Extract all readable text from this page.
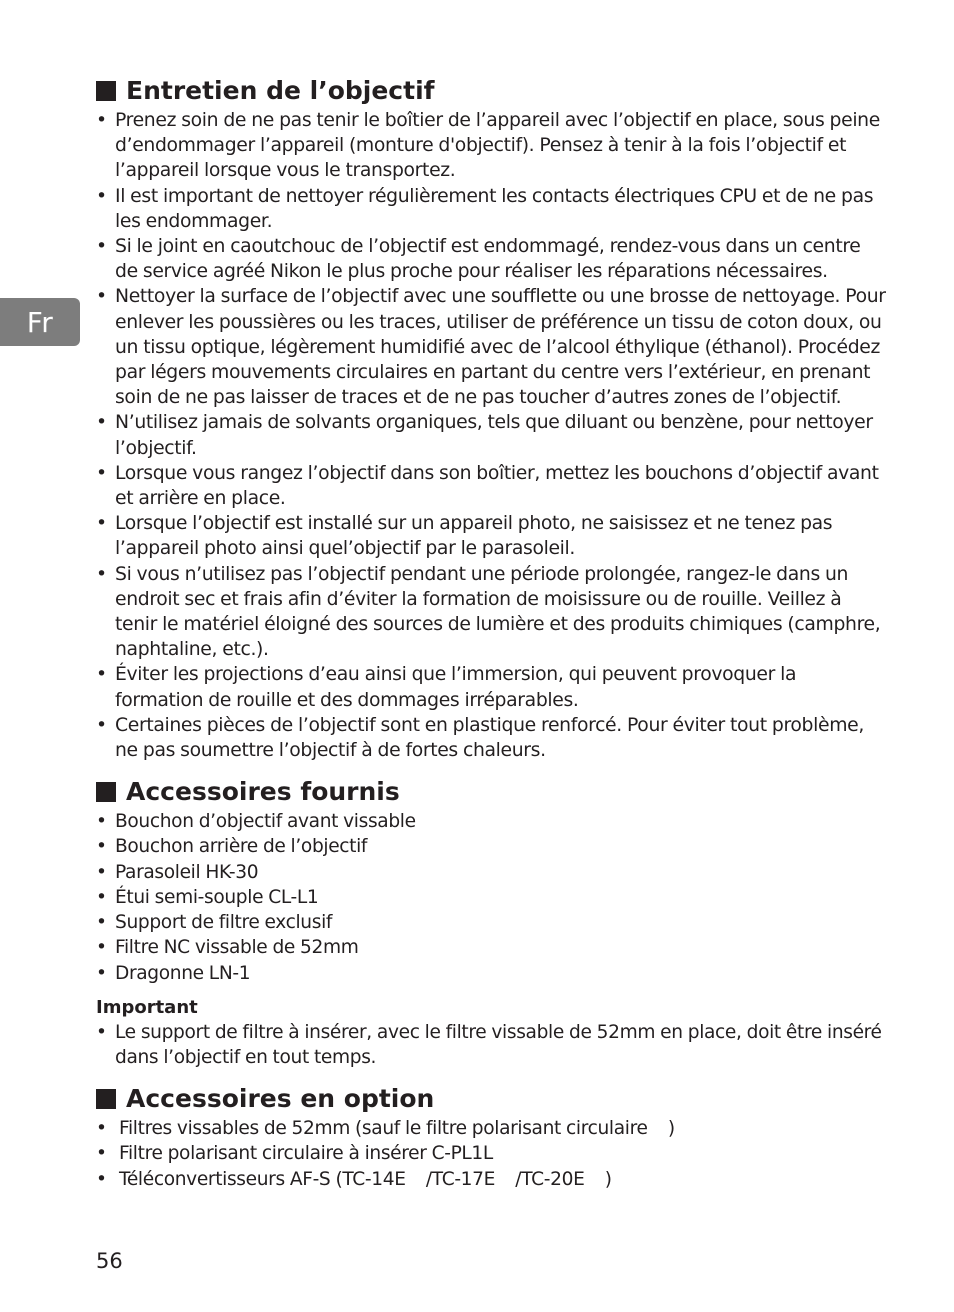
Fr
Entretien de l’objectif
• Prenez soin de ne pas tenir le boîtier de l’appareil avec l’objectif en place, sous peine d’endommager l’appareil (monture d'objectif). Pensez à tenir à la fois l’objectif et l’appareil lorsque vous le transportez.
• Il est important de nettoyer régulièrement les contacts électriques CPU et de ne pas les endommager.
• Si le joint en caoutchouc de l’objectif est endommagé, rendez-vous dans un centre de service agréé Nikon le plus proche pour réaliser les réparations nécessaires.
• Nettoyer la surface de l’objectif avec une soufflette ou une brosse de nettoyage. Pour enlever les poussières ou les traces, utiliser de préférence un tissu de coton doux, ou un tissu optique, légèrement humidifié avec de l’alcool éthylique (éthanol). Procédez par légers mouvements circulaires en partant du centre vers l’extérieur, en prenant soin de ne pas laisser de traces et de ne pas toucher d’autres zones de l’objectif.
• N’utilisez jamais de solvants organiques, tels que diluant ou benzène, pour nettoyer l’objectif.
• Lorsque vous rangez l’objectif dans son boîtier, mettez les bouchons d’objectif avant et arrière en place.
• Lorsque l’objectif est installé sur un appareil photo, ne saisissez et ne tenez pas l’appareil photo ainsi quel’objectif par le parasoleil.
• Si vous n’utilisez pas l’objectif pendant une période prolongée, rangez-le dans un endroit sec et frais afin d’éviter la formation de moisissure ou de rouille. Veillez à tenir le matériel éloigné des sources de lumière et des produits chimiques (camphre, naphtaline, etc.).
• Éviter les projections d’eau ainsi que l’immersion, qui peuvent provoquer la formation de rouille et des dommages irréparables.
• Certaines pièces de l’objectif sont en plastique renforcé. Pour éviter tout problème, ne pas soumettre l’objectif à de fortes chaleurs.
Accessoires fournis
• Bouchon d’objectif avant vissable
• Bouchon arrière de l’objectif
• Parasoleil HK-30
• Étui semi-souple CL-L1
• Support de filtre exclusif
• Filtre NC vissable de 52mm
• Dragonne LN-1
Important
• Le support de filtre à insérer, avec le filtre vissable de 52mm en place, doit être inséré dans l’objectif en tout temps.
Accessoires en option
• Filtres vissables de 52mm (sauf le filtre polarisant circulaire    )
• Filtre polarisant circulaire à insérer C-PL1L
• Téléconvertisseurs AF-S (TC-14E    /TC-17E    /TC-20E    )
56
